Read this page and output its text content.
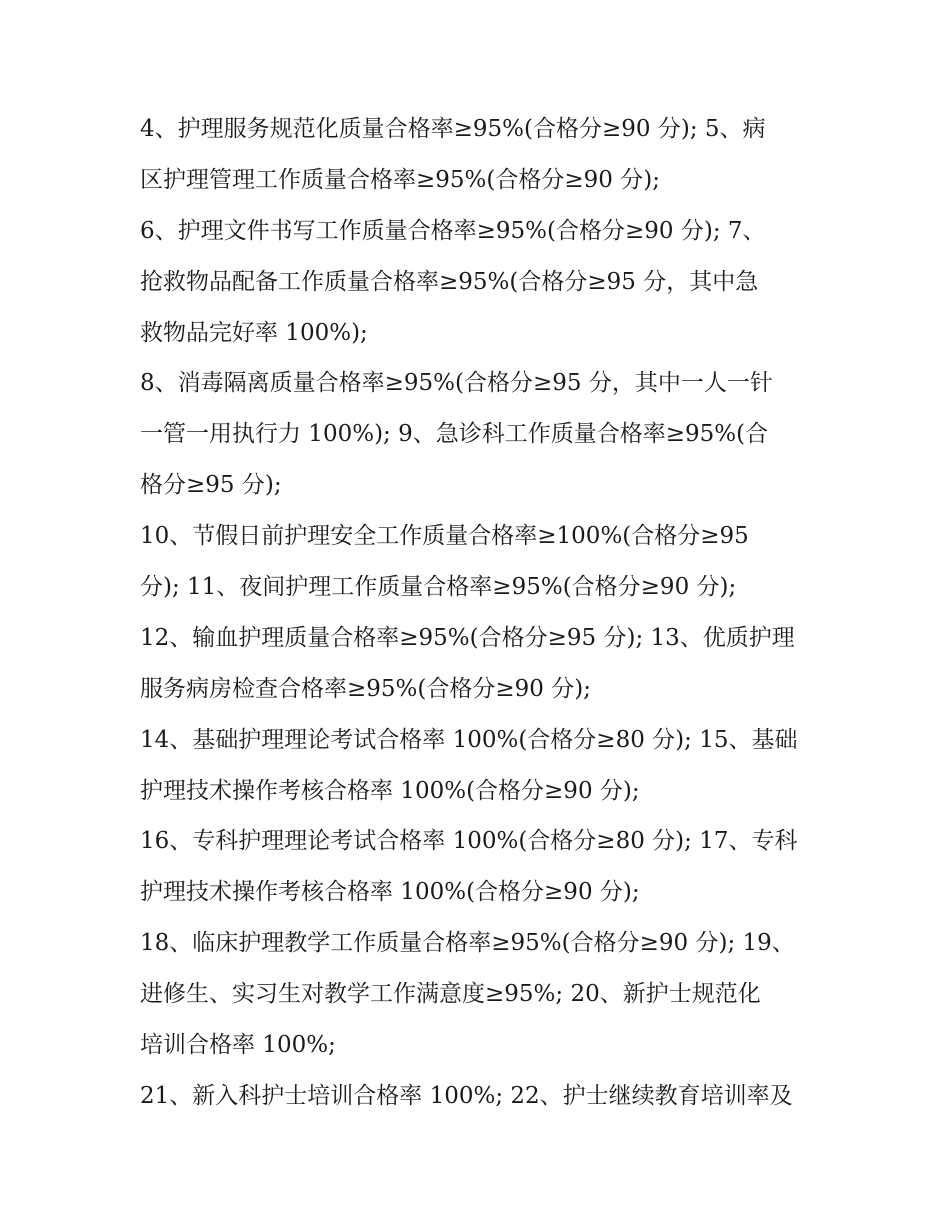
4、护理服务规范化质量合格率≥95%(合格分≥90 分); 5、病
区护理管理工作质量合格率≥95%(合格分≥90 分);
6、护理文件书写工作质量合格率≥95%(合格分≥90 分); 7、
抢救物品配备工作质量合格率≥95%(合格分≥95 分，其中急
救物品完好率 100%);
8、消毒隔离质量合格率≥95%(合格分≥95 分，其中一人一针
一管一用执行力 100%); 9、急诊科工作质量合格率≥95%(合
格分≥95 分);
10、节假日前护理安全工作质量合格率≥100%(合格分≥95
分); 11、夜间护理工作质量合格率≥95%(合格分≥90 分);
12、输血护理质量合格率≥95%(合格分≥95 分); 13、优质护理
服务病房检查合格率≥95%(合格分≥90 分);
14、基础护理理论考试合格率 100%(合格分≥80 分); 15、基础
护理技术操作考核合格率 100%(合格分≥90 分);
16、专科护理理论考试合格率 100%(合格分≥80 分); 17、专科
护理技术操作考核合格率 100%(合格分≥90 分);
18、临床护理教学工作质量合格率≥95%(合格分≥90 分); 19、
进修生、实习生对教学工作满意度≥95%; 20、新护士规范化
培训合格率 100%;
21、新入科护士培训合格率 100%; 22、护士继续教育培训率及
